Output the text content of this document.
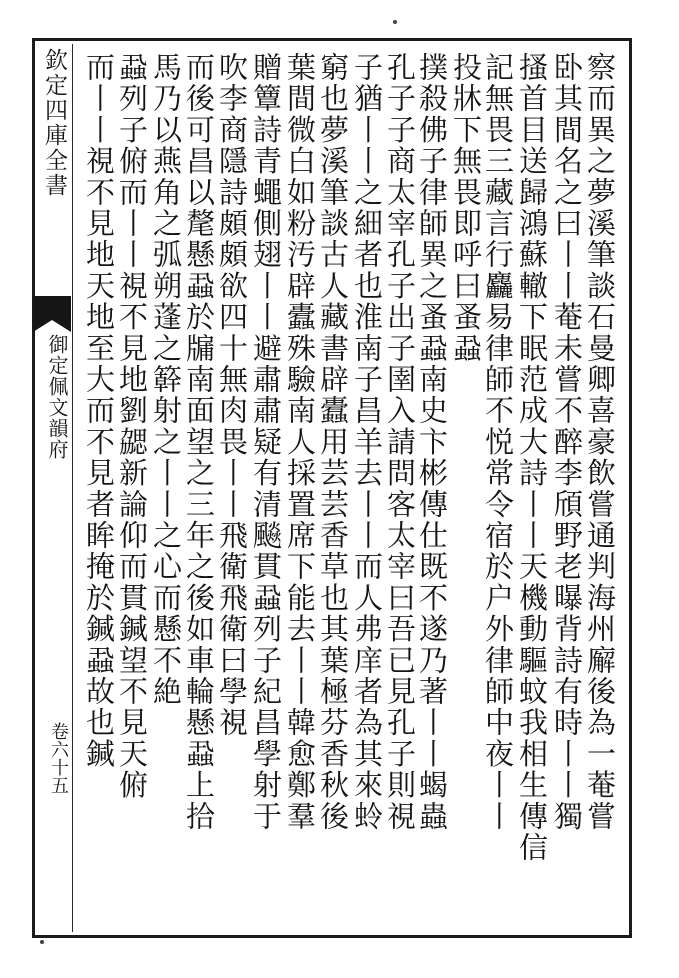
欽定四庫全書
御定佩文韻府
卷六十五	察而異之夢溪筆談石曼卿喜豪飲嘗通判海州廨後為一菴嘗
卧其間名之曰丨丨菴未嘗不醉李頎野老曝背詩有時丨丨獨
搔首目送歸鴻蘇轍下眠范成大詩丨丨天機動驅蚊我相生傳信
記無畏三藏言行麤易律師不悦常令宿於户外律師中夜丨丨
投牀下無畏即呼曰蚤蝨
撲殺佛子律師異之蚤蝨南史卞彬傳仕既不遂乃著丨丨蝎蟲
孔子子商太宰孔子出子圉入請問客太宰曰吾已見孔子則視
子猶丨丨之細者也淮南子昌羊去丨丨而人弗庠者為其來蛉
窮也夢溪筆談古人藏書辟蠹用芸芸香草也其葉極芬香秋後
葉間微白如粉汚辟蠹殊驗南人採置席下能去丨丨韓愈鄭羣
贈簟詩青蠅側翅丨丨避肅肅疑有清飈貫蝨列子紀昌學射于
吹李商隱詩頗頗欲四十無肉畏丨丨飛衛飛衛曰學視
而後可昌以氂懸蝨於牖南面望之三年之後如車輪懸蝨上拾
馬乃以燕角之弧朔蓬之簳射之丨丨之心而懸不絶
蝨列子俯而丨丨視不見地劉勰新論仰而貫鍼望不見天俯
而丨丨視不見地天地至大而不見者眸掩於鍼蝨故也鍼
